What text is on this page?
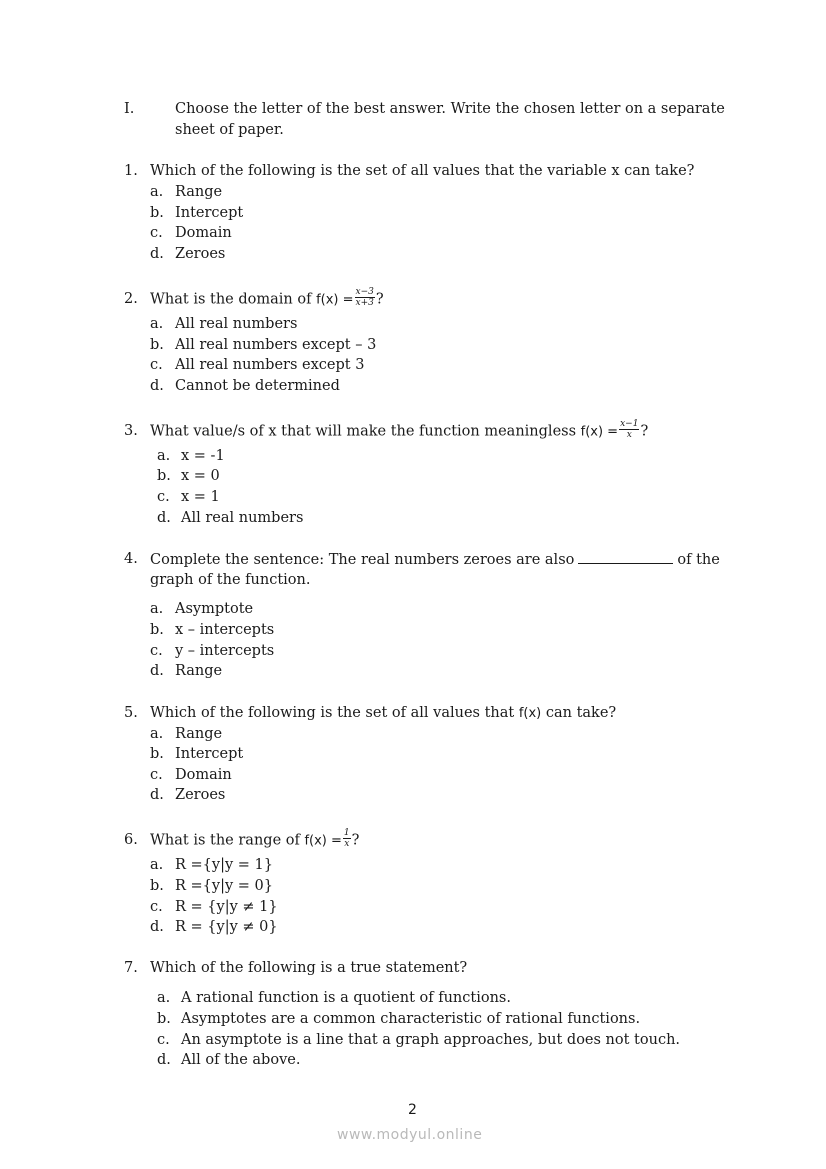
I.	Choose the letter of the best answer. Write the chosen letter on a separate
sheet of paper.
1. Which of the following is the set of all values that the variable x can take?
a. Range
b. Intercept
c. Domain
d. Zeroes
2. What is the domain of $f(x) = \frac{x-3}{x+3}$ ?
a. All real numbers
b. All real numbers except – 3
c. All real numbers except 3
d. Cannot be determined
3. What value/s of x that will make the function meaningless $f(x) = \frac{x-1}{x}$ ?
a. x = -1
b. x = 0
c. x = 1
d. All real numbers
4. Complete the sentence: The real numbers zeroes are also	of the
graph of the function.
a. Asymptote
b. x – intercepts
c. y – intercepts
d. Range
5. Which of the following is the set of all values that f(x) can take?
a. Range
b. Intercept
c. Domain
d. Zeroes
6. What is the range of $f(x) = \frac{1}{x}$ ?
a. R ={y|y = 1}
b. R ={y|y = 0}
c. R = {y|y ≠ 1}
d. R = {y|y ≠ 0}
7. Which of the following is a true statement?
a. A rational function is a quotient of functions.
b. Asymptotes are a common characteristic of rational functions.
c. An asymptote is a line that a graph approaches, but does not touch.
d. All of the above.
2
www.modyul.online
